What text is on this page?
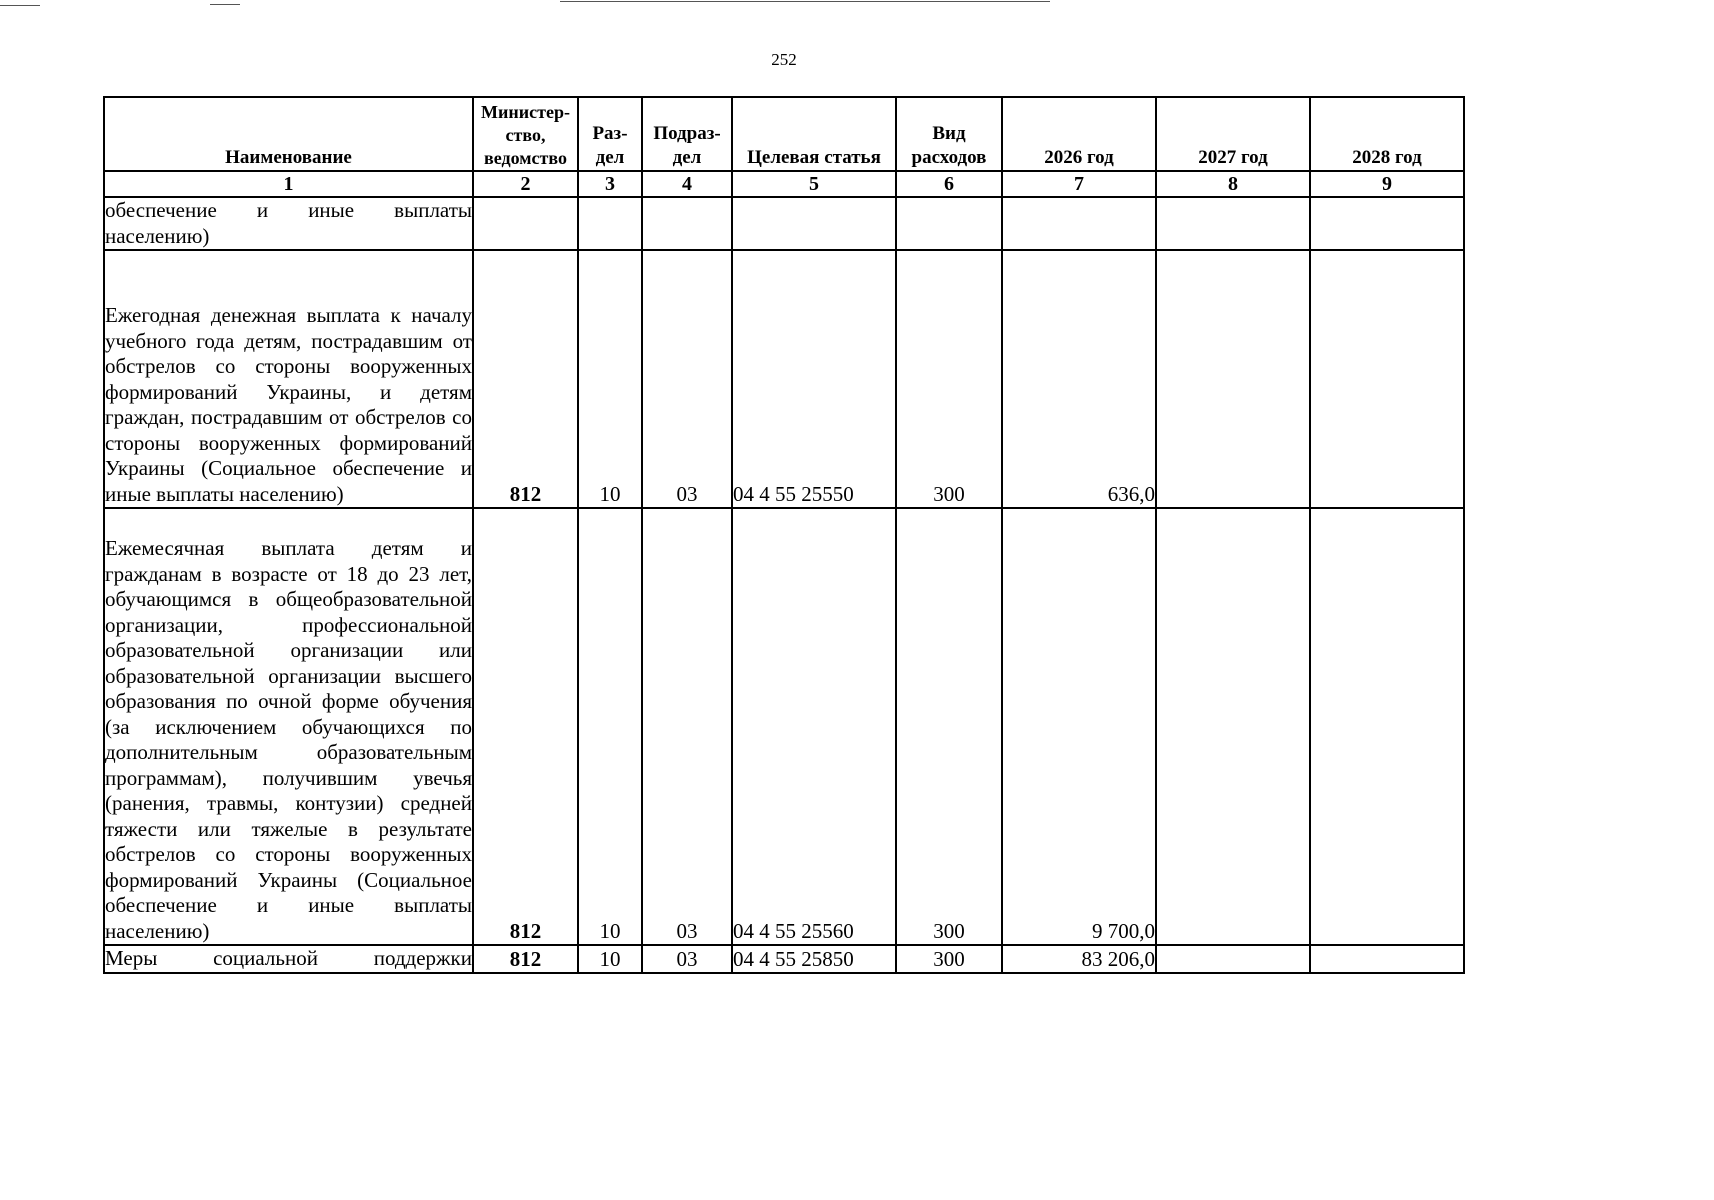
252
Наименование	Министер-ство, ведомство	Раз-дел	Подраз-дел	Целевая статья	Вид расходов	2026 год	2027 год	2028 год
1	2	3	4	5	6	7	8	9
обеспечение и иные выплаты населению)								
Ежегодная денежная выплата к началу учебного года детям, пострадавшим от обстрелов со стороны вооруженных формирований Украины, и детям граждан, пострадавшим от обстрелов со стороны вооруженных формирований Украины (Социальное обеспечение и иные выплаты населению)	812	10	03	04 4 55 25550	300	636,0		
Ежемесячная выплата детям и гражданам в возрасте от 18 до 23 лет, обучающимся в общеобразовательной организации, профессиональной образовательной организации или образовательной организации высшего образования по очной форме обучения (за исключением обучающихся по дополнительным образовательным программам), получившим увечья (ранения, травмы, контузии) средней тяжести или тяжелые в результате обстрелов со стороны вооруженных формирований Украины (Социальное обеспечение и иные выплаты населению)	812	10	03	04 4 55 25560	300	9 700,0		
Меры социальной поддержки	812	10	03	04 4 55 25850	300	83 206,0		
